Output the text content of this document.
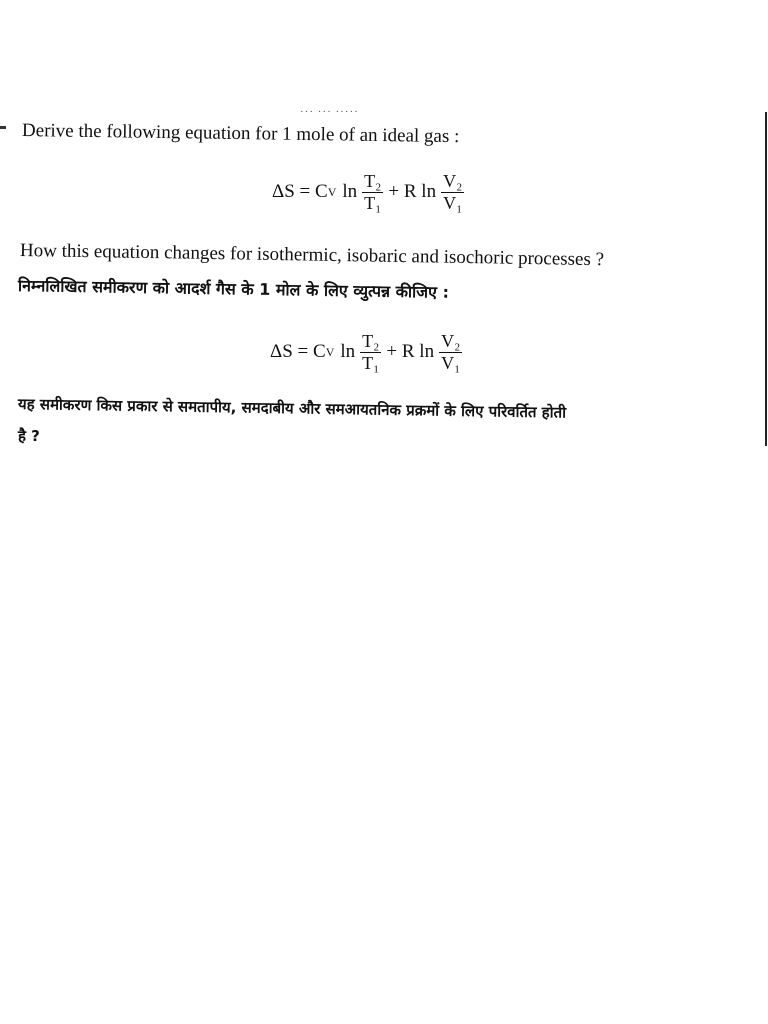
··· ··· ·····
Derive the following equation for 1 mole of an ideal gas :
ΔS = C V $\ln \frac{\text{T₂}}{\text{T₁}} + R$ $\ln \frac{\text{V₂}}{\text{V₁}}$
How this equation changes for isothermic, isobaric and isochoric processes ?
निम्नलिखित समीकरण को आदर्श गैस के 1 मोल के लिए व्युत्पन्न कीजिए :
ΔS = C V $\ln \frac{\text{T₂}}{\text{T₁}} + R$ $\ln \frac{\text{V₂}}{\text{V₁}}$
यह समीकरण किस प्रकार से समतापीय, समदाबीय और समआयतनिक प्रक्रमों के लिए परिवर्तित होती
है ?
